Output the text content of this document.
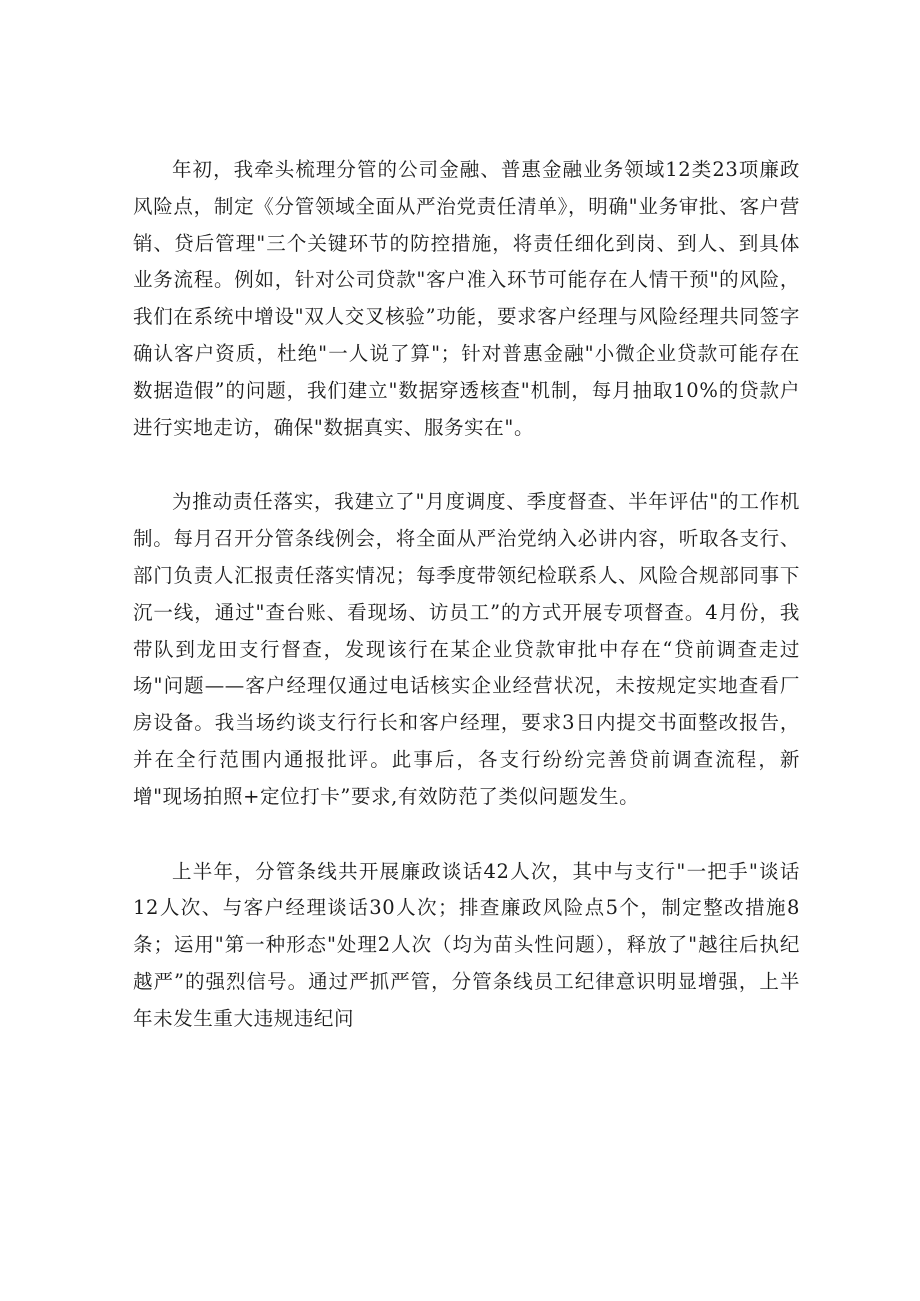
年初，我牵头梳理分管的公司金融、普惠金融业务领域12类23项廉政风险点，制定《分管领域全面从严治党责任清单》，明确"业务审批、客户营销、贷后管理"三个关键环节的防控措施，将责任细化到岗、到人、到具体业务流程。例如，针对公司贷款"客户准入环节可能存在人情干预"的风险，我们在系统中增设"双人交叉核验”功能，要求客户经理与风险经理共同签字确认客户资质，杜绝"一人说了算"；针对普惠金融"小微企业贷款可能存在数据造假”的问题，我们建立"数据穿透核查"机制，每月抽取10%的贷款户进行实地走访，确保"数据真实、服务实在"。

为推动责任落实，我建立了"月度调度、季度督查、半年评估"的工作机制。每月召开分管条线例会，将全面从严治党纳入必讲内容，听取各支行、部门负责人汇报责任落实情况；每季度带领纪检联系人、风险合规部同事下沉一线，通过"查台账、看现场、访员工”的方式开展专项督查。4月份，我带队到龙田支行督查，发现该行在某企业贷款审批中存在“贷前调查走过场"问题——客户经理仅通过电话核实企业经营状况，未按规定实地查看厂房设备。我当场约谈支行行长和客户经理，要求3日内提交书面整改报告，并在全行范围内通报批评。此事后，各支行纷纷完善贷前调查流程，新增"现场拍照+定位打卡”要求,有效防范了类似问题发生。

上半年，分管条线共开展廉政谈话42人次，其中与支行"一把手"谈话12人次、与客户经理谈话30人次；排查廉政风险点5个，制定整改措施8条；运用"第一种形态"处理2人次（均为苗头性问题），释放了"越往后执纪越严”的强烈信号。通过严抓严管，分管条线员工纪律意识明显增强，上半年未发生重大违规违纪问
